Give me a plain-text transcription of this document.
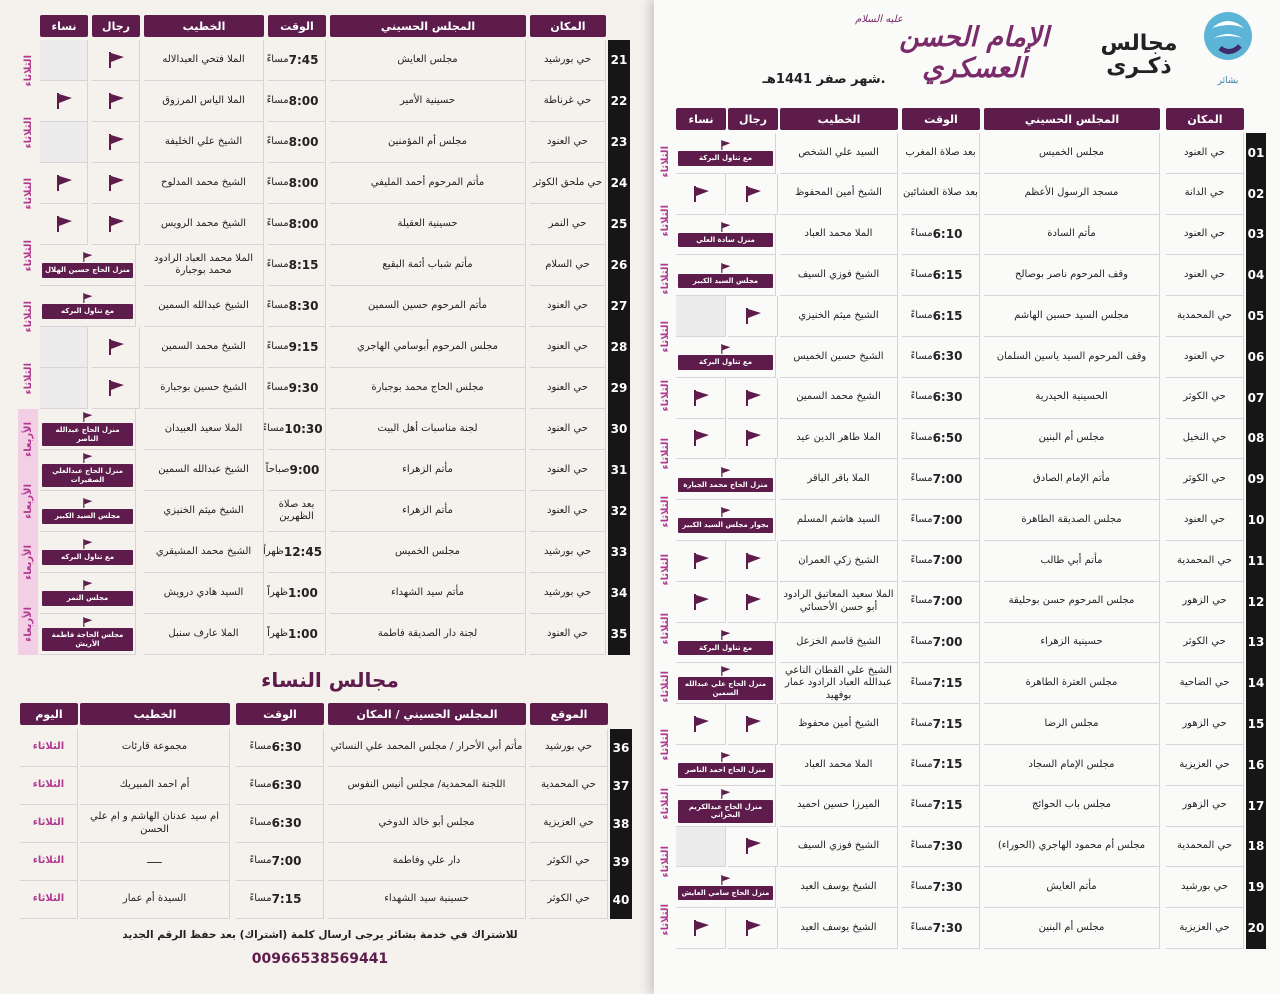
المكان
المجلس الحسيني
الوقت
الخطيب
رجال
نساء
21
حي بورشيد
مجلس العايش
مساءً 7:45
الملا فتحي العبدالاله
22
حي غرناطة
حسينية الأمير
مساءً 8:00
الملا الياس المرزوق
23
حي العنود
مجلس أم المؤمنين
مساءً 8:00
الشيخ علي الخليفة
24
حي ملحق الكوثر
مأتم المرحوم أحمد المليفي
مساءً 8:00
الشيخ محمد المدلوح
25
حي النمر
حسينية العقيلة
مساءً 8:00
الشيخ محمد الرويس
26
حي السلام
مأتم شباب أئمة البقيع
مساءً 8:15
الملا محمد العباد الرادود محمد بوجبارة
منزل الحاج حسين الهلال
27
حي العنود
مأتم المرحوم حسين السمين
مساءً 8:30
الشيخ عبدالله السمين
مع تناول البركه
28
حي العنود
مجلس المرحوم أبوسامي الهاجري
مساءً 9:15
الشيخ محمد السمين
29
حي العنود
مجلس الحاج محمد بوجبارة
مساءً 9:30
الشيخ حسين بوجبارة
30
حي العنود
لجنة مناسبات أهل البيت
مساءً 10:30
الملا سعيد العبيدان
منزل الحاج عبدالله الناصر
31
حي العنود
مأتم الزهراء
صباحاً 9:00
الشيخ عبدالله السمين
منزل الحاج عبدالعلي الصفيرات
32
حي العنود
مأتم الزهراء
بعد صلاة الظهرين
الشيخ ميثم الخنيزي
مجلس السيد الكبير
33
حي بورشيد
مجلس الخميس
ظهراً 12:45
الشيخ محمد المشيقري
مع تناول البركه
34
حي بورشيد
مأتم سيد الشهداء
ظهراً 1:00
السيد هادي درويش
مجلس النمر
35
حي العنود
لجنة دار الصديقة فاطمة
ظهراً 1:00
الملا عارف سنبل
مجلس الحاجة فاطمة الأريش
الثلاثاء
الثلاثاء
الثلاثاء
الثلاثاء
الثلاثاء
الثلاثاء
الأربعاء
الأربعاء
الأربعاء
الأربعاء
مجالس النساء
الموقع
المجلس الحسيني / المكان
الوقت
الخطيب
اليوم
36
حي بورشيد
مأتم أبي الأحرار / مجلس المحمد علي النسائي
مساءً 6:30
مجموعة قارئات
الثلاثاء
37
حي المحمدية
اللجنة المحمدية/ مجلس أنيس النفوس
مساءً 6:30
أم احمد المبيريك
الثلاثاء
38
حي العزيزية
مجلس أبو خالد الدوخي
مساءً 6:30
ام سيد عدنان الهاشم و ام علي الحسن
الثلاثاء
39
حي الكوثر
دار علي وفاطمة
مساءً 7:00
ـــــ
الثلاثاء
40
حي الكوثر
حسينية سيد الشهداء
مساءً 7:15
السيدة أم عمار
الثلاثاء
للاشتراك في خدمة بشائر يرجى ارسال كلمة (اشتراك) بعد حفظ الرقم الجديد
00966538569441
بشائر
مجالس
ذكـرى
الإمام الحسن العسكري
عليه السلام
شهر صفر 1441هـ.
المكان
المجلس الحسيني
الوقت
الخطيب
رجال
نساء
01
حي العنود
مجلس الخميس
بعد صلاة المغرب
السيد علي الشخص
مع تناول البركة
02
حي الدانة
مسجد الرسول الأعظم
بعد صلاة العشائين
الشيخ أمين المحفوظ
03
حي العنود
مأتم السادة
مساءً 6:10
الملا محمد العباد
منزل سادة العلي
04
حي العنود
وقف المرحوم ناصر بوصالح
مساءً 6:15
الشيخ فوزي السيف
مجلس السيد الكبير
05
حي المحمدية
مجلس السيد حسين الهاشم
مساءً 6:15
الشيخ ميثم الخنيزي
06
حي العنود
وقف المرحوم السيد ياسين السلمان
مساءً 6:30
الشيخ حسين الخميس
مع تناول البركة
07
حي الكوثر
الحسينية الحيدرية
مساءً 6:30
الشيخ محمد السمين
08
حي النخيل
مجلس أم البنين
مساءً 6:50
الملا طاهر الدين عيد
09
حي الكوثر
مأتم الإمام الصادق
مساءً 7:00
الملا باقر الباقر
منزل الحاج محمد الجبارة
10
حي العنود
مجلس الصديقة الطاهرة
مساءً 7:00
السيد هاشم المسلم
بجوار مجلس السيد الكبير
11
حي المحمدية
مأتم أبي طالب
مساءً 7:00
الشيخ زكي العمران
12
حي الزهور
مجلس المرحوم حسن بوحليقة
مساءً 7:00
الملا سعيد المعاتيق الرادود أبو حسن الأحسائي
13
حي الكوثر
حسينية الزهراء
مساءً 7:00
الشيخ قاسم الخزعل
مع تناول البركة
14
حي الضاحية
مجلس العترة الطاهرة
مساءً 7:15
الشيخ علي القطان الناعي عبدالله العباد الرادود عمار بوفهيد
منزل الحاج علي عبدالله السمين
15
حي الزهور
مجلس الرضا
مساءً 7:15
الشيخ أمين محفوظ
16
حي العزيزية
مجلس الإمام السجاد
مساءً 7:15
الملا محمد العباد
منزل الحاج احمد الناصر
17
حي الزهور
مجلس باب الحوائج
مساءً 7:15
الميرزا حسين احميد
منزل الحاج عبدالكريم البحراني
18
حي المحمدية
مجلس أم محمود الهاجري (الحوراء)
مساءً 7:30
الشيخ فوزي السيف
19
حي بورشيد
مأتم العايش
مساءً 7:30
الشيخ يوسف العيد
منزل الحاج سامي العايش
20
حي العزيزية
مجلس أم البنين
مساءً 7:30
الشيخ يوسف العيد
الثلاثاء
الثلاثاء
الثلاثاء
الثلاثاء
الثلاثاء
الثلاثاء
الثلاثاء
الثلاثاء
الثلاثاء
الثلاثاء
الثلاثاء
الثلاثاء
الثلاثاء
الثلاثاء
